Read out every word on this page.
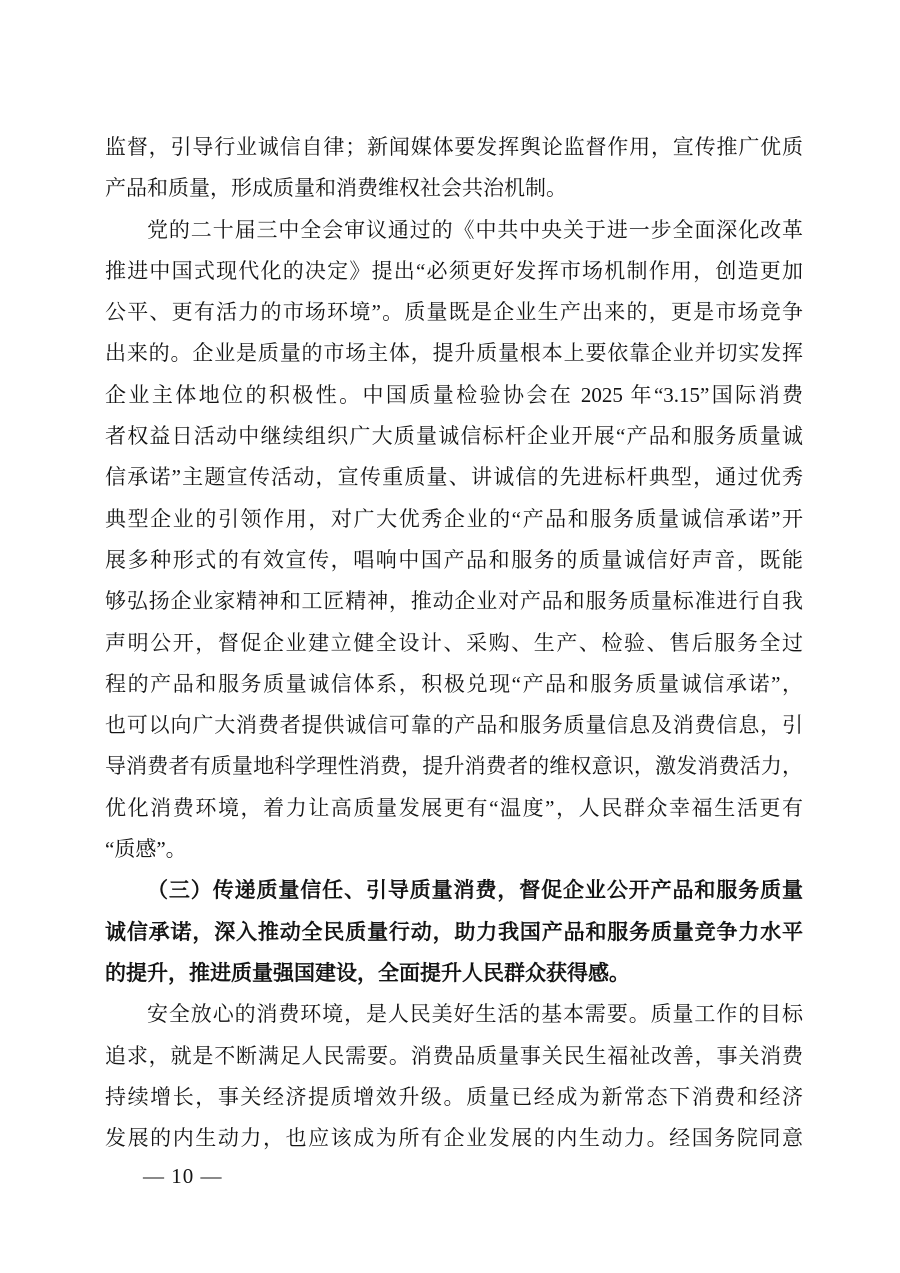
监督，引导行业诚信自律；新闻媒体要发挥舆论监督作用，宣传推广优质
产品和质量，形成质量和消费维权社会共治机制。
党的二十届三中全会审议通过的《中共中央关于进一步全面深化改革
推进中国式现代化的决定》提出“必须更好发挥市场机制作用，创造更加
公平、更有活力的市场环境”。质量既是企业生产出来的，更是市场竞争
出来的。企业是质量的市场主体，提升质量根本上要依靠企业并切实发挥
企业主体地位的积极性。中国质量检验协会在 2025 年“3.15”国际消费
者权益日活动中继续组织广大质量诚信标杆企业开展“产品和服务质量诚
信承诺”主题宣传活动，宣传重质量、讲诚信的先进标杆典型，通过优秀
典型企业的引领作用，对广大优秀企业的“产品和服务质量诚信承诺”开
展多种形式的有效宣传，唱响中国产品和服务的质量诚信好声音，既能
够弘扬企业家精神和工匠精神，推动企业对产品和服务质量标准进行自我
声明公开，督促企业建立健全设计、采购、生产、检验、售后服务全过
程的产品和服务质量诚信体系，积极兑现“产品和服务质量诚信承诺”，
也可以向广大消费者提供诚信可靠的产品和服务质量信息及消费信息，引
导消费者有质量地科学理性消费，提升消费者的维权意识，激发消费活力，
优化消费环境，着力让高质量发展更有“温度”，人民群众幸福生活更有
“质感”。
（三）传递质量信任、引导质量消费，督促企业公开产品和服务质量
诚信承诺，深入推动全民质量行动，助力我国产品和服务质量竞争力水平
的提升，推进质量强国建设，全面提升人民群众获得感。
安全放心的消费环境，是人民美好生活的基本需要。质量工作的目标
追求，就是不断满足人民需要。消费品质量事关民生福祉改善，事关消费
持续增长，事关经济提质增效升级。质量已经成为新常态下消费和经济
发展的内生动力，也应该成为所有企业发展的内生动力。经国务院同意
— 10 —
